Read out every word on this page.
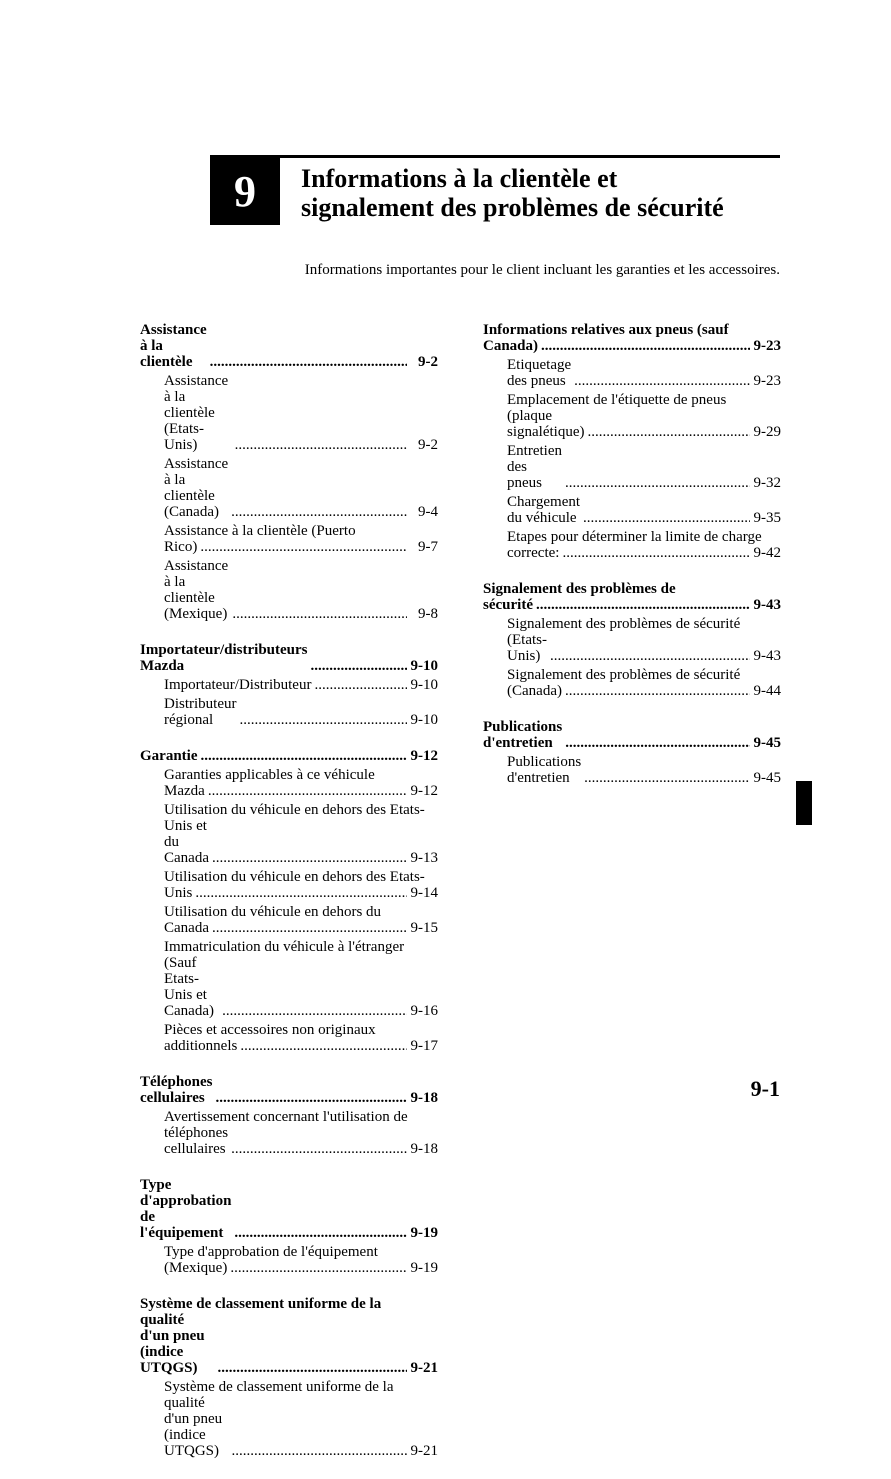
9 Informations à la clientèle et
signalement des problèmes de sécurité
Informations importantes pour le client incluant les garanties et les accessoires.
Assistance à la clientèle .....	9-2
Assistance à la clientèle (Etats-Unis) .....	9-2
Assistance à la clientèle (Canada) .....	9-4
Assistance à la clientèle (Puerto
Rico) .....	9-7
Assistance à la clientèle (Mexique) .....	9-8
Importateur/distributeurs Mazda .....	9-10
Importateur/Distributeur .....	9-10
Distributeur régional .....	9-10
Garantie .....	9-12
Garanties applicables à ce véhicule
Mazda .....	9-12
Utilisation du véhicule en dehors des Etats-
Unis et du Canada .....	9-13
Utilisation du véhicule en dehors des Etats-
Unis .....	9-14
Utilisation du véhicule en dehors du
Canada .....	9-15
Immatriculation du véhicule à l'étranger
(Sauf Etats-Unis et Canada) .....	9-16
Pièces et accessoires non originaux
additionnels .....	9-17
Téléphones cellulaires .....	9-18
Avertissement concernant l'utilisation de
téléphones cellulaires .....	9-18
Type d'approbation de l'équipement .....	9-19
Type d'approbation de l'équipement
(Mexique) .....	9-19
Système de classement uniforme de la
qualité d'un pneu (indice UTQGS) .....	9-21
Système de classement uniforme de la
qualité d'un pneu (indice UTQGS) .....	9-21
Informations relatives aux pneus (sauf
Canada) .....	9-23
Etiquetage des pneus .....	9-23
Emplacement de l'étiquette de pneus
(plaque signalétique) .....	9-29
Entretien des pneus .....	9-32
Chargement du véhicule .....	9-35
Etapes pour déterminer la limite de charge
correcte: .....	9-42
Signalement des problèmes de
sécurité .....	9-43
Signalement des problèmes de sécurité
(Etats-Unis) .....	9-43
Signalement des problèmes de sécurité
(Canada) .....	9-44
Publications d'entretien .....	9-45
Publications d'entretien .....	9-45
9-1
